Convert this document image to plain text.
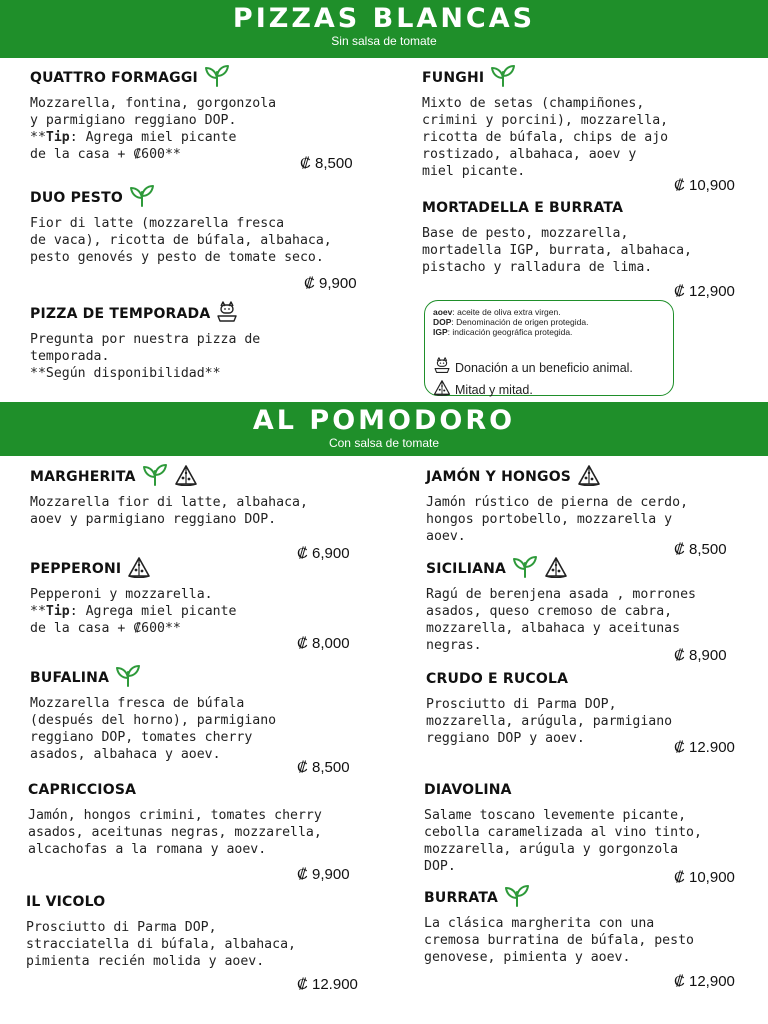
PIZZAS BLANCAS
Sin salsa de tomate
QUATTRO FORMAGGI
Mozzarella, fontina, gorgonzola
y parmigiano reggiano DOP.
**Tip: Agrega miel picante
de la casa + ₡600**
₡ 8,500
DUO PESTO
Fior di latte (mozzarella fresca
de vaca), ricotta de búfala, albahaca,
pesto genovés y pesto de tomate seco.
₡ 9,900
PIZZA DE TEMPORADA
Pregunta por nuestra pizza de
temporada.
**Según disponibilidad**
FUNGHI
Mixto de setas (champiñones,
crimini y porcini), mozzarella,
ricotta de búfala, chips de ajo
rostizado, albahaca, aoev y
miel picante.
₡ 10,900
MORTADELLA E BURRATA
Base de pesto, mozzarella,
mortadella IGP, burrata, albahaca,
pistacho y ralladura de lima.
₡ 12,900
aoev: aceite de oliva extra virgen.
DOP: Denominación de origen protegida.
IGP: indicación geográfica protegida.
Donación a un beneficio animal.
Mitad y mitad.
AL POMODORO
Con salsa de tomate
MARGHERITA
Mozzarella fior di latte, albahaca,
aoev y parmigiano reggiano DOP.
₡ 6,900
PEPPERONI
Pepperoni y mozzarella.
**Tip: Agrega miel picante
de la casa + ₡600**
₡ 8,000
BUFALINA
Mozzarella fresca de búfala
(después del horno), parmigiano
reggiano DOP, tomates cherry
asados, albahaca y aoev.
₡ 8,500
CAPRICCIOSA
Jamón, hongos crimini, tomates cherry
asados, aceitunas negras, mozzarella,
alcachofas a la romana y aoev.
₡ 9,900
IL VICOLO
Prosciutto di Parma DOP,
stracciatella di búfala, albahaca,
pimienta recién molida y aoev.
₡ 12.900
JAMÓN Y HONGOS
Jamón rústico de pierna de cerdo,
hongos portobello, mozzarella y
aoev.
₡ 8,500
SICILIANA
Ragú de berenjena asada , morrones
asados, queso cremoso de cabra,
mozzarella, albahaca y aceitunas
negras.
₡ 8,900
CRUDO E RUCOLA
Prosciutto di Parma DOP,
mozzarella, arúgula, parmigiano
reggiano DOP y aoev.
₡ 12.900
DIAVOLINA
Salame toscano levemente picante,
cebolla caramelizada al vino tinto,
mozzarella, arúgula y gorgonzola
DOP.
₡ 10,900
BURRATA
La clásica margherita con una
cremosa burratina de búfala, pesto
genovese, pimienta y aoev.
₡ 12,900
